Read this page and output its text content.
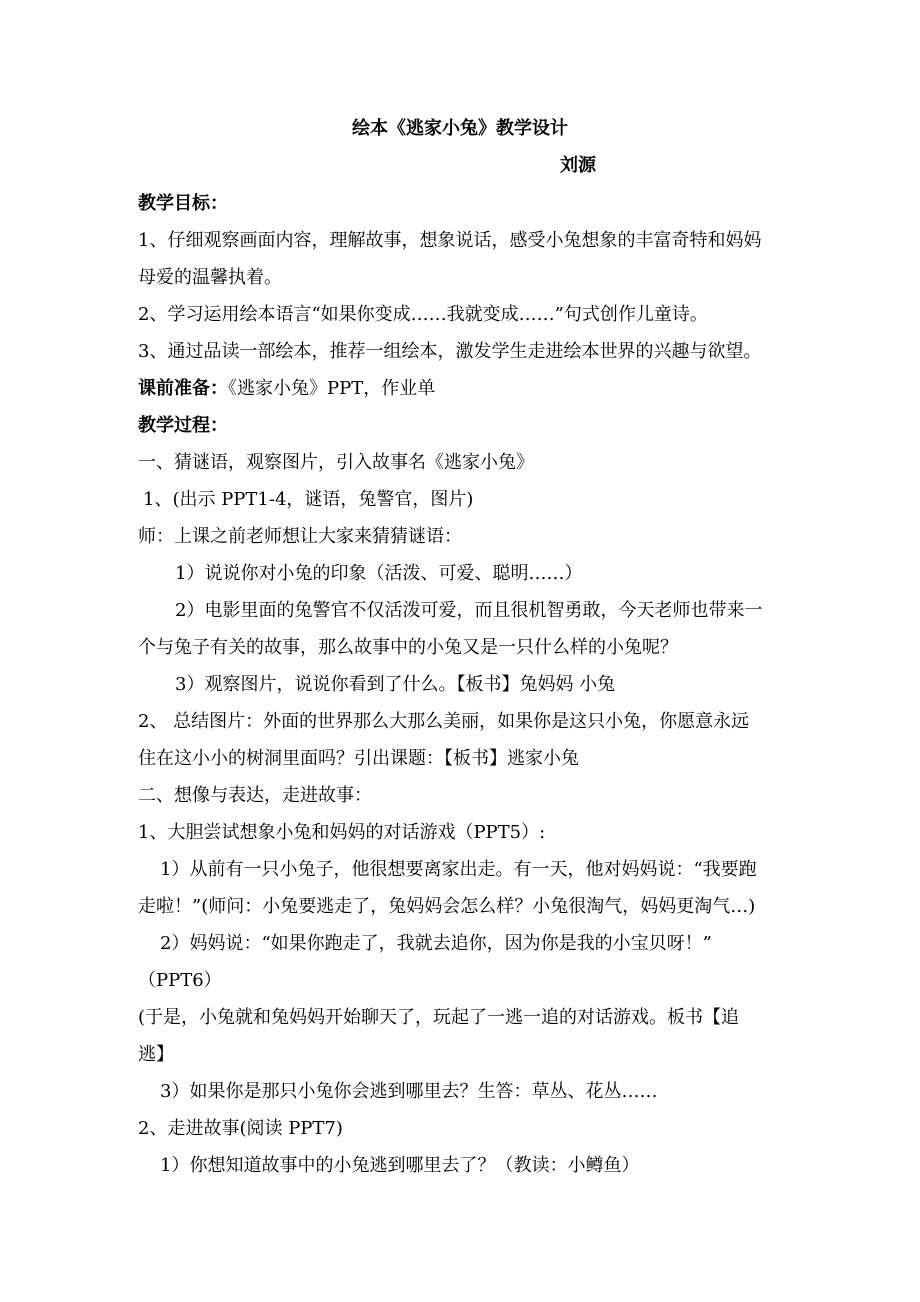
绘本《逃家小兔》教学设计
刘源
教学目标：
1、仔细观察画面内容，理解故事，想象说话，感受小兔想象的丰富奇特和妈妈
母爱的温馨执着。
2、学习运用绘本语言“如果你变成……我就变成……”句式创作儿童诗。
3、通过品读一部绘本，推荐一组绘本，激发学生走进绘本世界的兴趣与欲望。
课前准备：《逃家小兔》PPT，作业单
教学过程：
一、猜谜语，观察图片，引入故事名《逃家小兔》
1、(出示 PPT1-4，谜语，兔警官，图片)
师：上课之前老师想让大家来猜猜谜语：
1）说说你对小兔的印象（活泼、可爱、聪明……）
2）电影里面的兔警官不仅活泼可爱，而且很机智勇敢，今天老师也带来一
个与兔子有关的故事，那么故事中的小兔又是一只什么样的小兔呢？
3）观察图片，说说你看到了什么。【板书】兔妈妈 小兔
2、 总结图片：外面的世界那么大那么美丽，如果你是这只小兔，你愿意永远
住在这小小的树洞里面吗？引出课题：【板书】逃家小兔
二、想像与表达，走进故事：
1、大胆尝试想象小兔和妈妈的对话游戏（PPT5）:
1）从前有一只小兔子，他很想要离家出走。有一天，他对妈妈说：“我要跑
走啦！”(师问：小兔要逃走了，兔妈妈会怎么样？小兔很淘气，妈妈更淘气…)
2）妈妈说：“如果你跑走了，我就去追你，因为你是我的小宝贝呀！”
（PPT6）
(于是，小兔就和兔妈妈开始聊天了，玩起了一逃一追的对话游戏。板书【追
逃】
3）如果你是那只小兔你会逃到哪里去？生答：草丛、花丛……
2、走进故事(阅读 PPT7)
1）你想知道故事中的小兔逃到哪里去了？（教读：小鳟鱼）
